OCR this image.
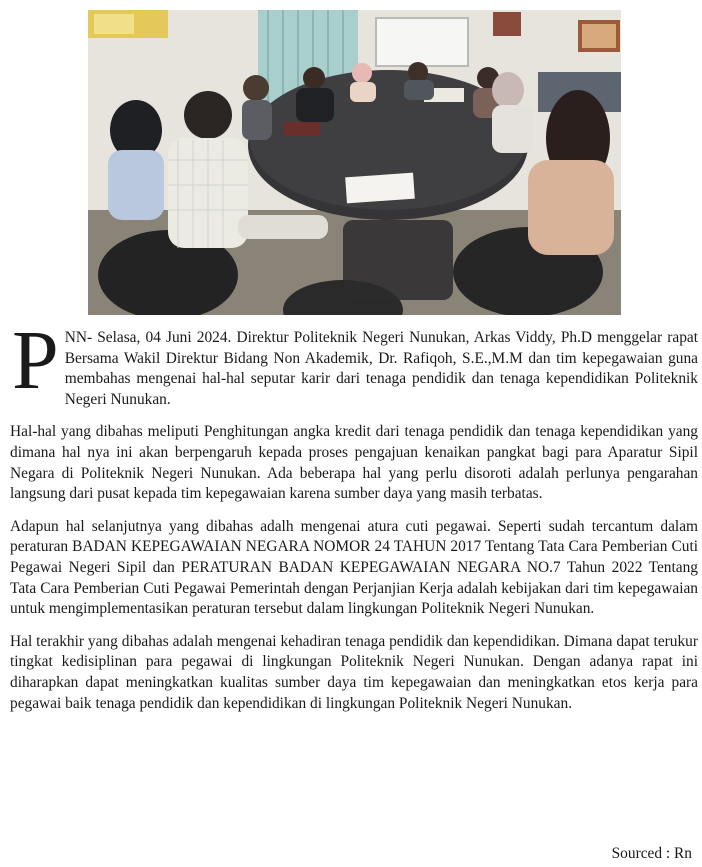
PNN- Selasa, 04 Juni 2024. Direktur Politeknik Negeri Nunukan, Arkas Viddy, Ph.D menggelar rapat Bersama Wakil Direktur Bidang Non Akademik, Dr. Rafiqoh, S.E.,M.M dan tim kepegawaian guna membahas mengenai hal-hal seputar karir dari tenaga pendidik dan tenaga kependidikan Politeknik Negeri Nunukan.

Hal-hal yang dibahas meliputi Penghitungan angka kredit dari tenaga pendidik dan tenaga kependidikan yang dimana hal nya ini akan berpengaruh kepada proses pengajuan kenaikan pangkat bagi para Aparatur Sipil Negara di Politeknik Negeri Nunukan. Ada beberapa hal yang perlu disoroti adalah perlunya pengarahan langsung dari pusat kepada tim kepegawaian karena sumber daya yang masih terbatas.

Adapun hal selanjutnya yang dibahas adalh mengenai atura cuti pegawai. Seperti sudah tercantum dalam peraturan BADAN KEPEGAWAIAN NEGARA NOMOR 24 TAHUN 2017 Tentang Tata Cara Pemberian Cuti Pegawai Negeri Sipil dan PERATURAN BADAN KEPEGAWAIAN NEGARA NO.7 Tahun 2022 Tentang Tata Cara Pemberian Cuti Pegawai Pemerintah dengan Perjanjian Kerja adalah kebijakan dari tim kepegawaian untuk mengimplementasikan peraturan tersebut dalam lingkungan Politeknik Negeri Nunukan.

Hal terakhir yang dibahas adalah mengenai kehadiran tenaga pendidik dan kependidikan. Dimana dapat terukur tingkat kedisiplinan para pegawai di lingkungan Politeknik Negeri Nunukan. Dengan adanya rapat ini diharapkan dapat meningkatkan kualitas sumber daya tim kepegawaian dan meningkatkan etos kerja para pegawai baik tenaga pendidik dan kependidikan di lingkungan Politeknik Negeri Nunukan.

Sourced : Rn
